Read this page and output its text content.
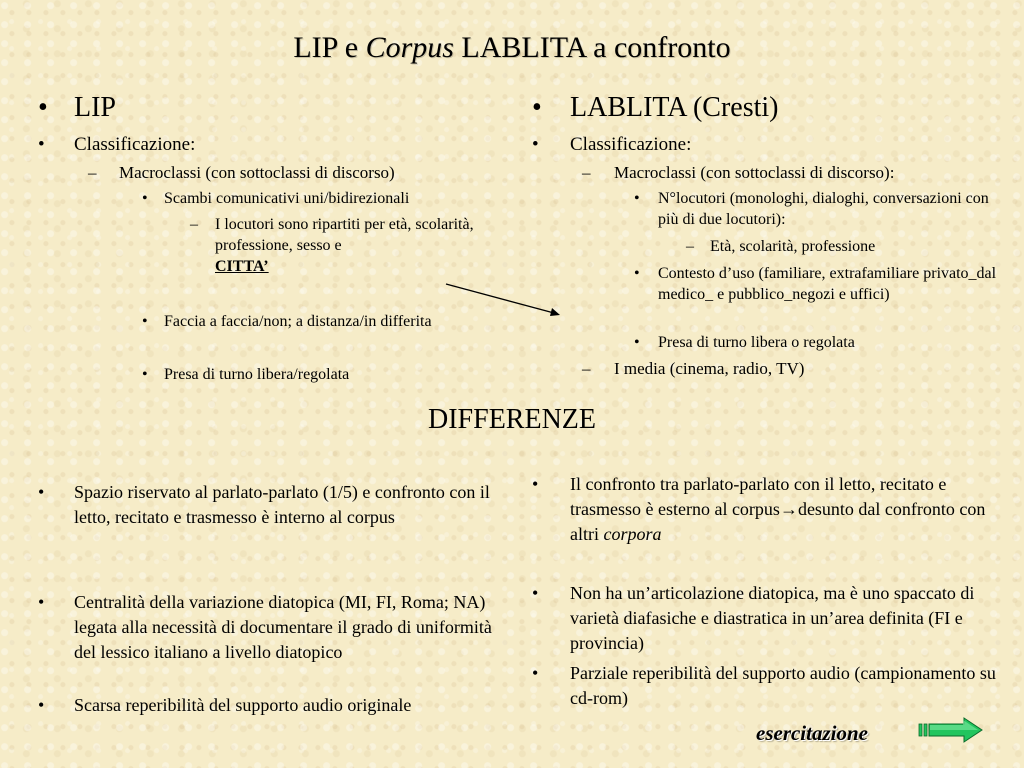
LIP e Corpus LABLITA a confronto
• LIP
• Classificazione:
– Macroclassi (con sottoclassi di discorso)
• Scambi comunicativi uni/bidirezionali
– I locutori sono ripartiti per età, scolarità, professione, sesso e
CITTA’
• Faccia a faccia/non; a distanza/in differita
• Presa di turno libera/regolata
• LABLITA (Cresti)
• Classificazione:
– Macroclassi (con sottoclassi di discorso):
• N°locutori (monologhi, dialoghi, conversazioni con più di due locutori):
– Età, scolarità, professione
• Contesto d’uso (familiare, extrafamiliare privato_dal medico_ e pubblico_negozi e uffici)
• Presa di turno libera o regolata
– I media (cinema, radio, TV)
DIFFERENZE
• Spazio riservato al parlato-parlato (1/5) e confronto con il letto, recitato e trasmesso è interno al corpus
• Centralità della variazione diatopica (MI, FI, Roma; NA) legata alla necessità di documentare il grado di uniformità del lessico italiano a livello diatopico
• Scarsa reperibilità del supporto audio originale
• Il confronto tra parlato-parlato con il letto, recitato e trasmesso è esterno al corpus→desunto dal confronto con altri corpora
• Non ha un’articolazione diatopica, ma è uno spaccato di varietà diafasiche e diastratica in un’area definita (FI e provincia)
• Parziale reperibilità del supporto audio (campionamento su cd-rom)
esercitazione
